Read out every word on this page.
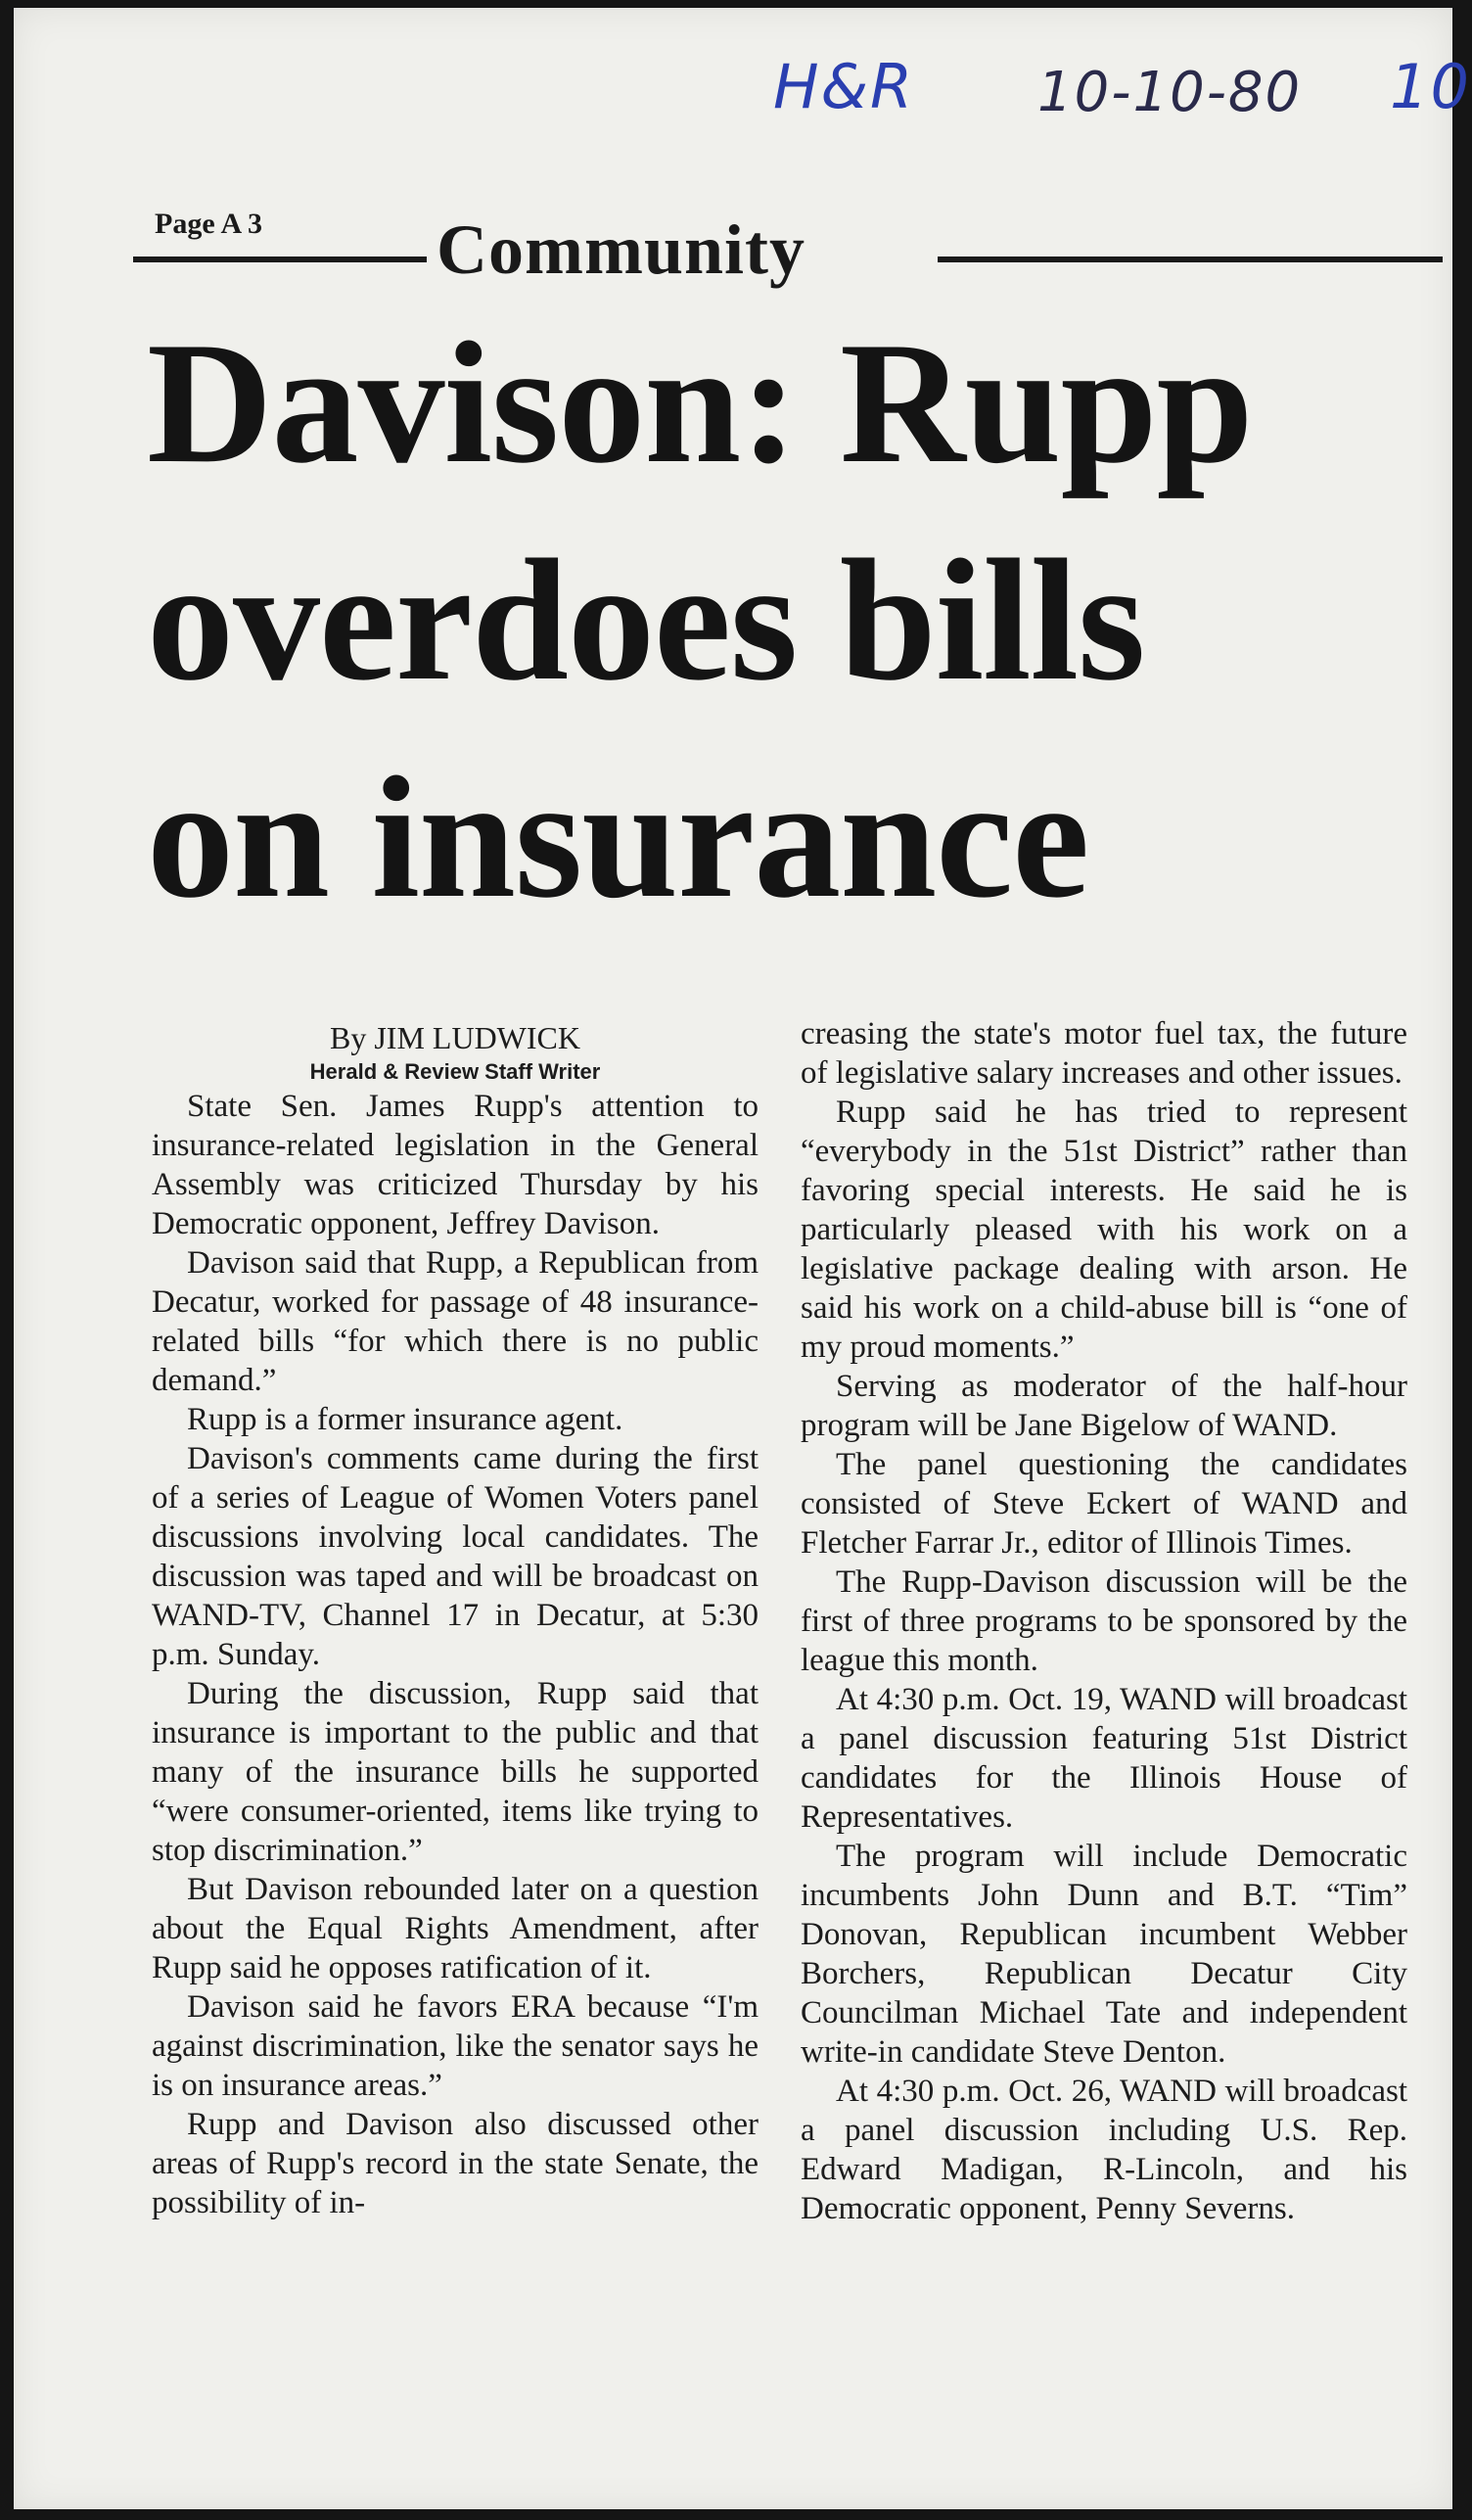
H&R 10-10-80 10
Page A 3 Community
Davison: Rupp
overdoes bills
on insurance
By JIM LUDWICK
Herald & Review Staff Writer

State Sen. James Rupp's attention to insurance-related legislation in the General Assembly was criticized Thursday by his Democratic opponent, Jeffrey Davison.

Davison said that Rupp, a Republican from Decatur, worked for passage of 48 insurance-related bills “for which there is no public demand.”

Rupp is a former insurance agent.

Davison's comments came during the first of a series of League of Women Voters panel discussions involving local candidates. The discussion was taped and will be broadcast on WAND-TV, Channel 17 in Decatur, at 5:30 p.m. Sunday.

During the discussion, Rupp said that insurance is important to the public and that many of the insurance bills he supported “were consumer-oriented, items like trying to stop discrimination.”

But Davison rebounded later on a question about the Equal Rights Amendment, after Rupp said he opposes ratification of it.

Davison said he favors ERA because “I'm against discrimination, like the senator says he is on insurance areas.”

Rupp and Davison also discussed other areas of Rupp's record in the state Senate, the possibility of in-

creasing the state's motor fuel tax, the future of legislative salary increases and other issues.

Rupp said he has tried to represent “everybody in the 51st District” rather than favoring special interests. He said he is particularly pleased with his work on a legislative package dealing with arson. He said his work on a child-abuse bill is “one of my proud moments.”

Serving as moderator of the half-hour program will be Jane Bigelow of WAND.

The panel questioning the candidates consisted of Steve Eckert of WAND and Fletcher Farrar Jr., editor of Illinois Times.

The Rupp-Davison discussion will be the first of three programs to be sponsored by the league this month.

At 4:30 p.m. Oct. 19, WAND will broadcast a panel discussion featuring 51st District candidates for the Illinois House of Representatives.

The program will include Democratic incumbents John Dunn and B.T. “Tim” Donovan, Republican incumbent Webber Borchers, Republican Decatur City Councilman Michael Tate and independent write-in candidate Steve Denton.

At 4:30 p.m. Oct. 26, WAND will broadcast a panel discussion including U.S. Rep. Edward Madigan, R-Lincoln, and his Democratic opponent, Penny Severns.
